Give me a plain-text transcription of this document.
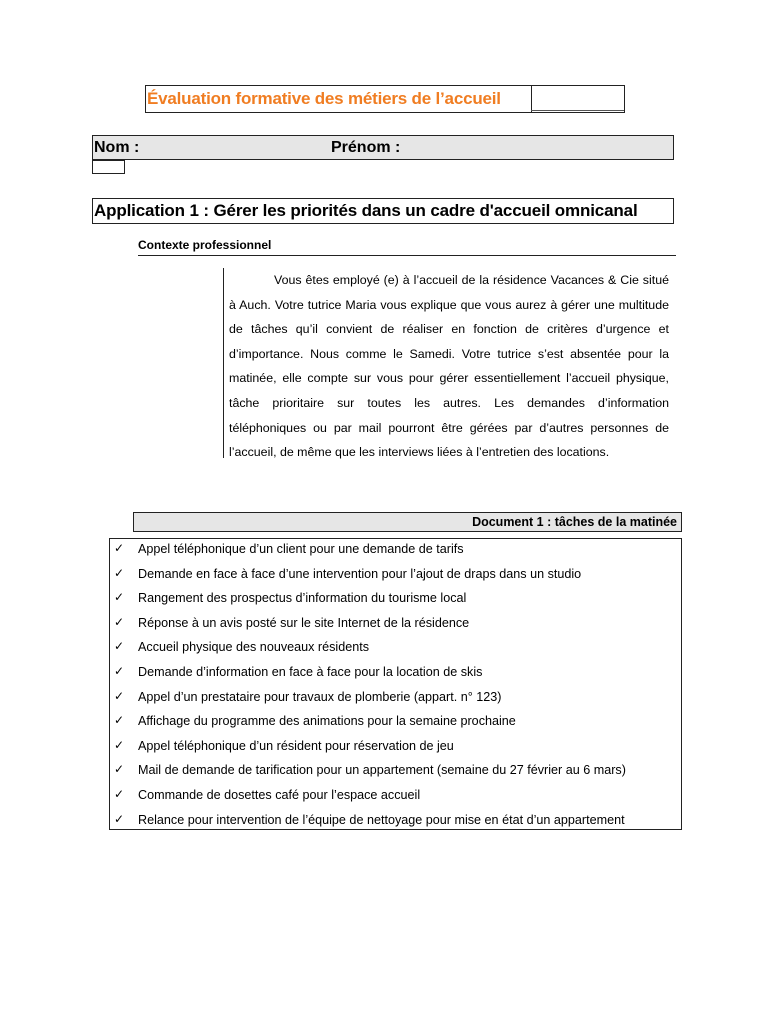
Évaluation formative des métiers de l’accueil
Nom :	Prénom :
Application 1 : Gérer les priorités dans un cadre d'accueil omnicanal
Contexte professionnel

Vous êtes employé (e) à l’accueil de la résidence Vacances & Cie situé à Auch. Votre tutrice Maria vous explique que vous aurez à gérer une multitude de tâches qu’il convient de réaliser en fonction de critères d’urgence et d’importance. Nous comme le Samedi. Votre tutrice s’est absentée pour la matinée, elle compte sur vous pour gérer essentiellement l’accueil physique, tâche prioritaire sur toutes les autres. Les demandes d’information téléphoniques ou par mail pourront être gérées par d’autres personnes de l’accueil, de même que les interviews liées à l’entretien des locations.

Document 1 : tâches de la matinée
✓ Appel téléphonique d’un client pour une demande de tarifs
✓ Demande en face à face d’une intervention pour l’ajout de draps dans un studio
✓ Rangement des prospectus d’information du tourisme local
✓ Réponse à un avis posté sur le site Internet de la résidence
✓ Accueil physique des nouveaux résidents
✓ Demande d’information en face à face pour la location de skis
✓ Appel d’un prestataire pour travaux de plomberie (appart. n° 123)
✓ Affichage du programme des animations pour la semaine prochaine
✓ Appel téléphonique d’un résident pour réservation de jeu
✓ Mail de demande de tarification pour un appartement (semaine du 27 février au 6 mars)
✓ Commande de dosettes café pour l’espace accueil
✓ Relance pour intervention de l’équipe de nettoyage pour mise en état d’un appartement
